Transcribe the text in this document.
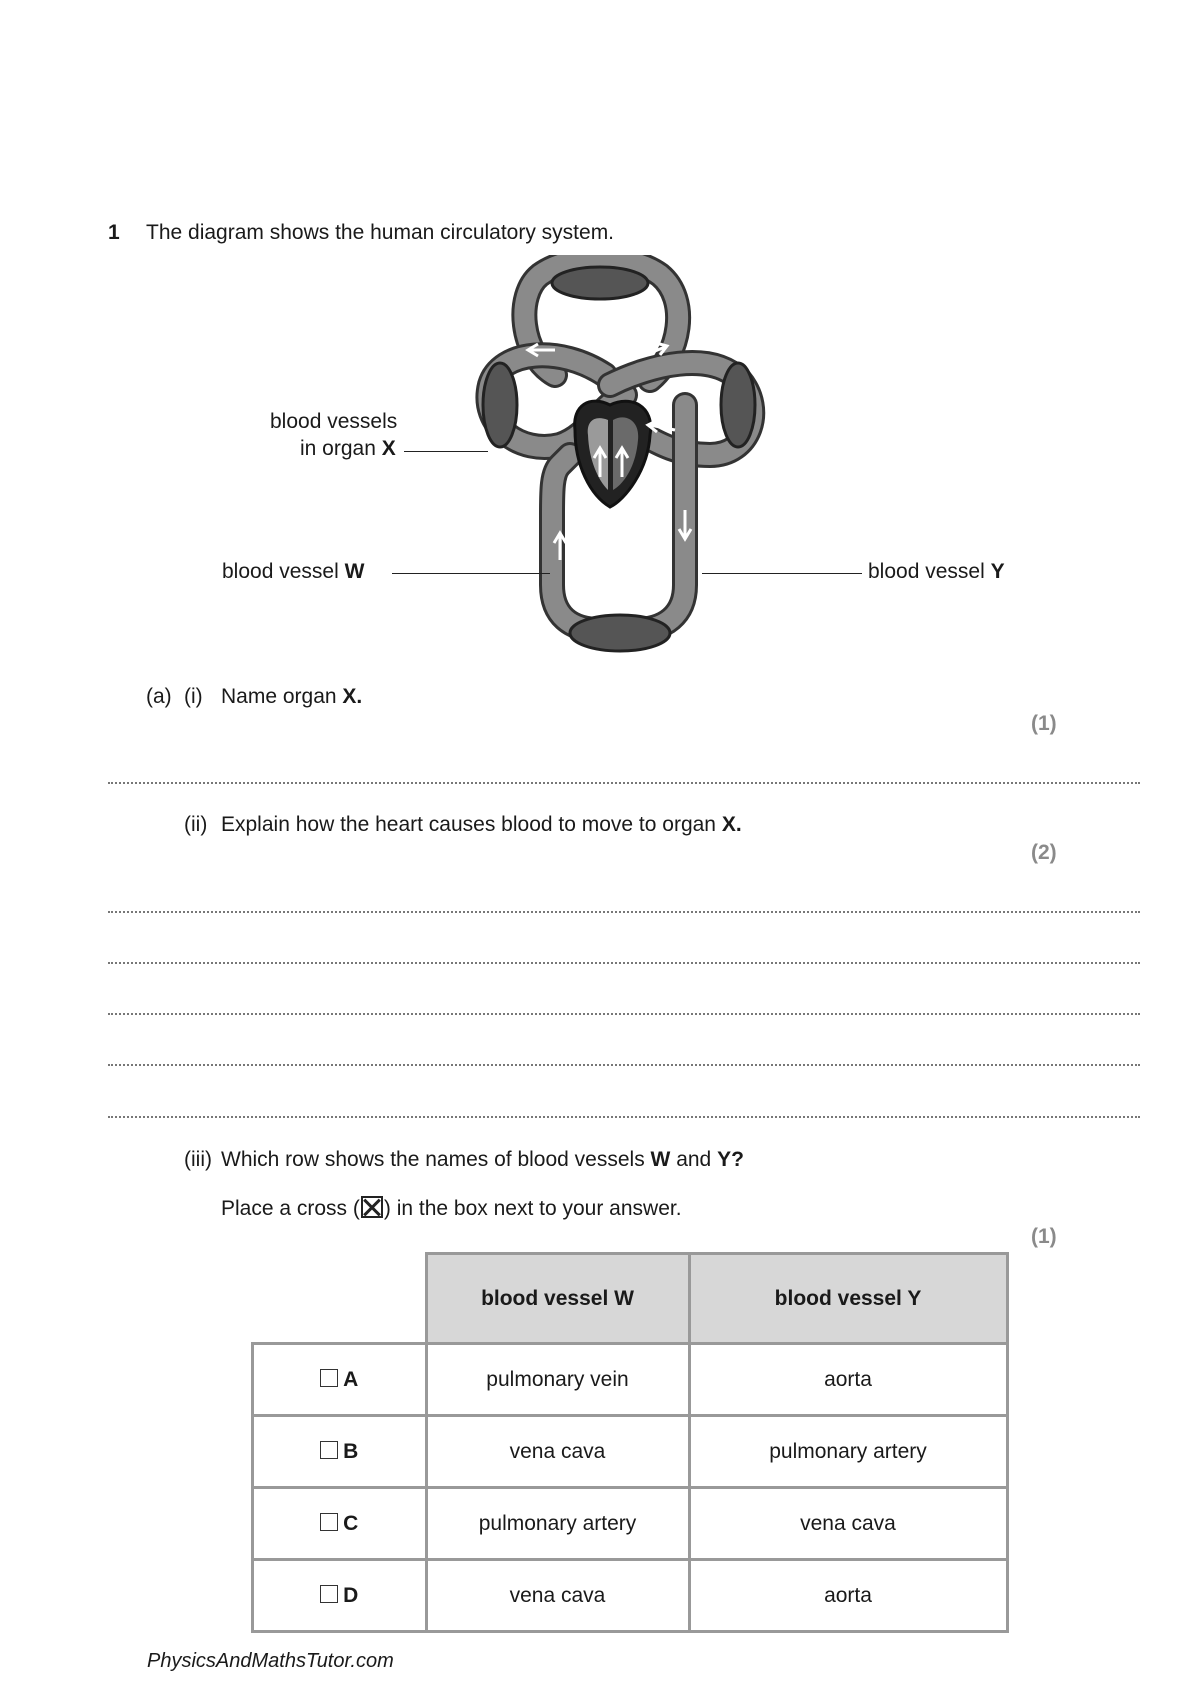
1 The diagram shows the human circulatory system.
blood vessels
in organ X
blood vessel W	blood vessel Y
(a) (i) Name organ X.
(1)
(ii) Explain how the heart causes blood to move to organ X.
(2)
(iii) Which row shows the names of blood vessels W and Y?
Place a cross (☒) in the box next to your answer.
(1)
	blood vessel W	blood vessel Y
A	pulmonary vein	aorta
B	vena cava	pulmonary artery
C	pulmonary artery	vena cava
D	vena cava	aorta
PhysicsAndMathsTutor.com
